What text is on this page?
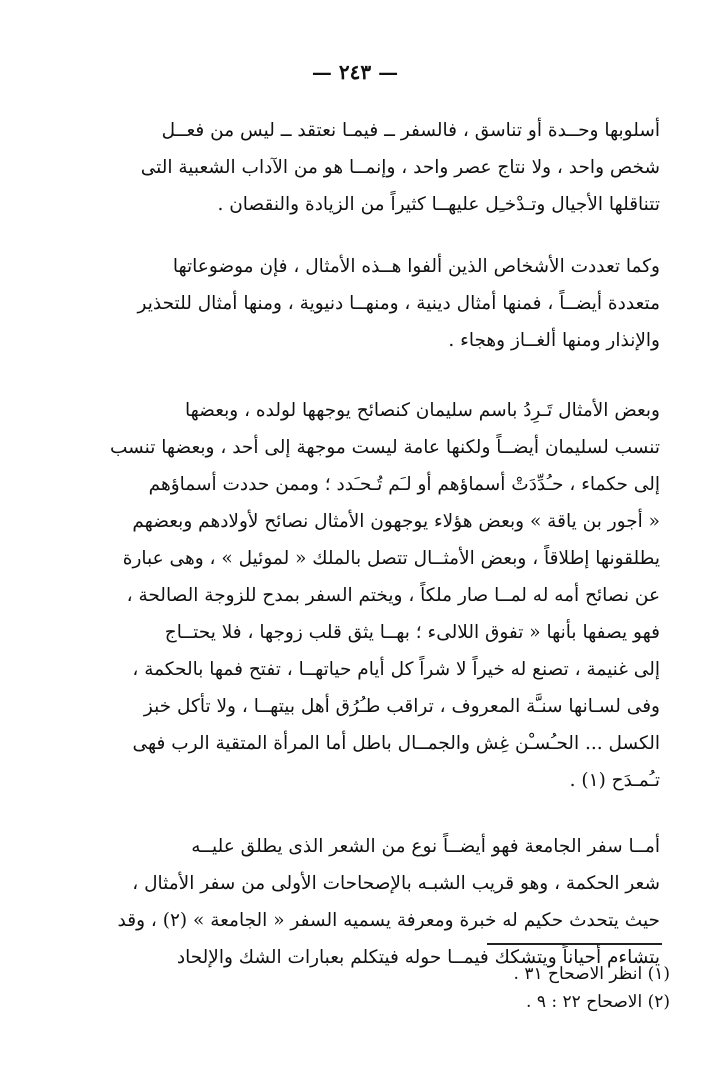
— ٢٤٣ —
أسلوبها وحــدة أو تناسق ، فالسفر ــ فيمـا نعتقد ــ ليس من فعــل
شخص واحد ، ولا نتاج عصر واحد ، وإنمــا هو من الآداب الشعبية التى
تتناقلها الأجيال وتـدْخـِل عليهــا كثيراً من الزيادة والنقصان .
وكما تعددت الأشخاص الذين ألفوا هــذه الأمثال ، فإن موضوعاتها
متعددة أيضــاً ، فمنها أمثال دينية ، ومنهــا دنيوية ، ومنها أمثال للتحذير
والإنذار ومنها ألغــاز وهجاء .
وبعض الأمثال تَـرِدُ باسم سليمان كنصائح يوجهها لولده ، وبعضها
تنسب لسليمان أيضــاً ولكنها عامة ليست موجهة إلى أحد ، وبعضها تنسب
إلى حكماء ، حـُدِّدَتْ أسماؤهم أو لـَم تُـحـَدد ؛ وممن حددت أسماؤهم
« أجور بن ياقة » وبعض هؤلاء يوجهون الأمثال نصائح لأولادهم وبعضهم
يطلقونها إطلاقاً ، وبعض الأمثــال تتصل بالملك « لموئيل » ، وهى عبارة
عن نصائح أمه له لمــا صار ملكاً ، ويختم السفر بمدح للزوجة الصالحة ،
فهو يصفها بأنها « تفوق اللالىء ؛ بهــا يثق قلب زوجها ، فلا يحتــاج
إلى غنيمة ، تصنع له خيراً لا شراً كل أيام حياتهــا ، تفتح فمها بالحكمة ،
وفى لسـانها سنـَّة المعروف ، تراقب طـُرُق أهل بيتهــا ، ولا تأكل خبز
الكسل ... الحـُسـْن غِش والجمــال باطل أما المرأة المتقية الرب فهى
تـُمـدَح (١) .
أمــا سفر الجامعة فهو أيضــاً نوع من الشعر الذى يطلق عليــه
شعر الحكمة ، وهو قريب الشبـه بالإصحاحات الأولى من سفر الأمثال ،
حيث يتحدث حكيم له خبرة ومعرفة يسميه السفر « الجامعة » (٢) ، وقد
يتشاءم أحياناً ويتشكك فيمــا حوله فيتكلم بعبارات الشك والإلحاد
(١) انظر الاصحاح ٣١ .
(٢) الاصحاح ٢٢ : ٩ .
